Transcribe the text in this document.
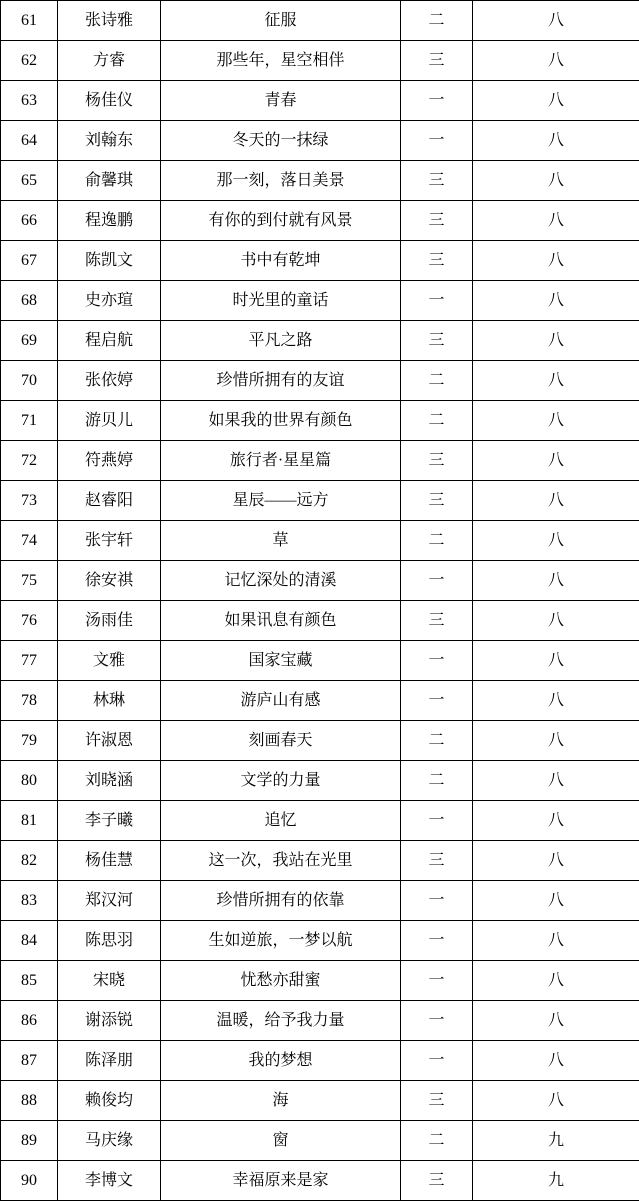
61	张诗雅	征服	二	八
62	方睿	那些年，星空相伴	三	八
63	杨佳仪	青春	一	八
64	刘翰东	冬天的一抹绿	一	八
65	俞馨琪	那一刻，落日美景	三	八
66	程逸鹏	有你的到付就有风景	三	八
67	陈凯文	书中有乾坤	三	八
68	史亦瑄	时光里的童话	一	八
69	程启航	平凡之路	三	八
70	张依婷	珍惜所拥有的友谊	二	八
71	游贝儿	如果我的世界有颜色	二	八
72	符燕婷	旅行者·星星篇	三	八
73	赵睿阳	星辰——远方	三	八
74	张宇轩	草	二	八
75	徐安祺	记忆深处的清溪	一	八
76	汤雨佳	如果讯息有颜色	三	八
77	文雅	国家宝藏	一	八
78	林琳	游庐山有感	一	八
79	许淑恩	刻画春天	二	八
80	刘晓涵	文学的力量	二	八
81	李子曦	追忆	一	八
82	杨佳慧	这一次，我站在光里	三	八
83	郑汉河	珍惜所拥有的依靠	一	八
84	陈思羽	生如逆旅，一梦以航	一	八
85	宋晓	忧愁亦甜蜜	一	八
86	谢添锐	温暖，给予我力量	一	八
87	陈泽朋	我的梦想	一	八
88	赖俊均	海	三	八
89	马庆缘	窗	二	九
90	李博文	幸福原来是家	三	九
